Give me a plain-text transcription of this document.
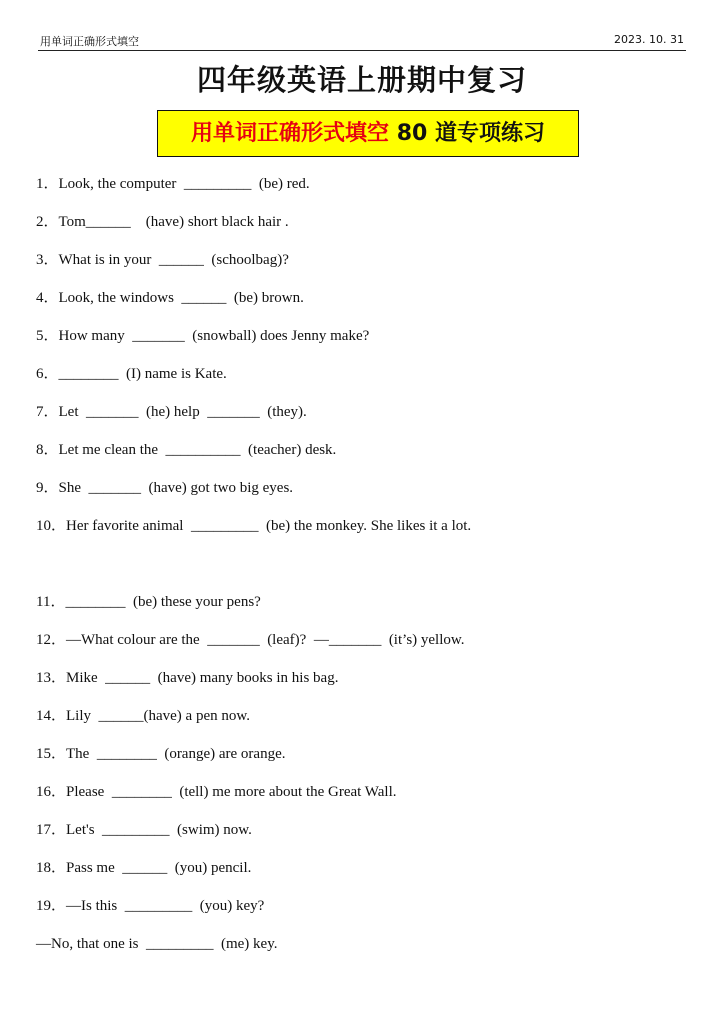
用单词正确形式填空	2023. 10. 31
四年级英语上册期中复习
用单词正确形式填空 80 道专项练习
1．Look, the computer  _________  (be) red.
2．Tom______    (have) short black hair .
3．What is in your  ______  (schoolbag)?
4．Look, the windows  ______  (be) brown.
5．How many  _______  (snowball) does Jenny make?
6．________  (I) name is Kate.
7．Let  _______  (he) help  _______  (they).
8．Let me clean the  __________  (teacher) desk.
9．She  _______  (have) got two big eyes.
10．Her favorite animal  _________  (be) the monkey. She likes it a lot.
11．________  (be) these your pens?
12．—What colour are the  _______  (leaf)?  —_______  (it’s) yellow.
13．Mike  ______  (have) many books in his bag.
14．Lily  ______(have) a pen now.
15．The  ________  (orange) are orange.
16．Please  ________  (tell) me more about the Great Wall.
17．Let's  _________  (swim) now.
18．Pass me  ______  (you) pencil.
19．—Is this  _________  (you) key?
—No, that one is  _________  (me) key.
